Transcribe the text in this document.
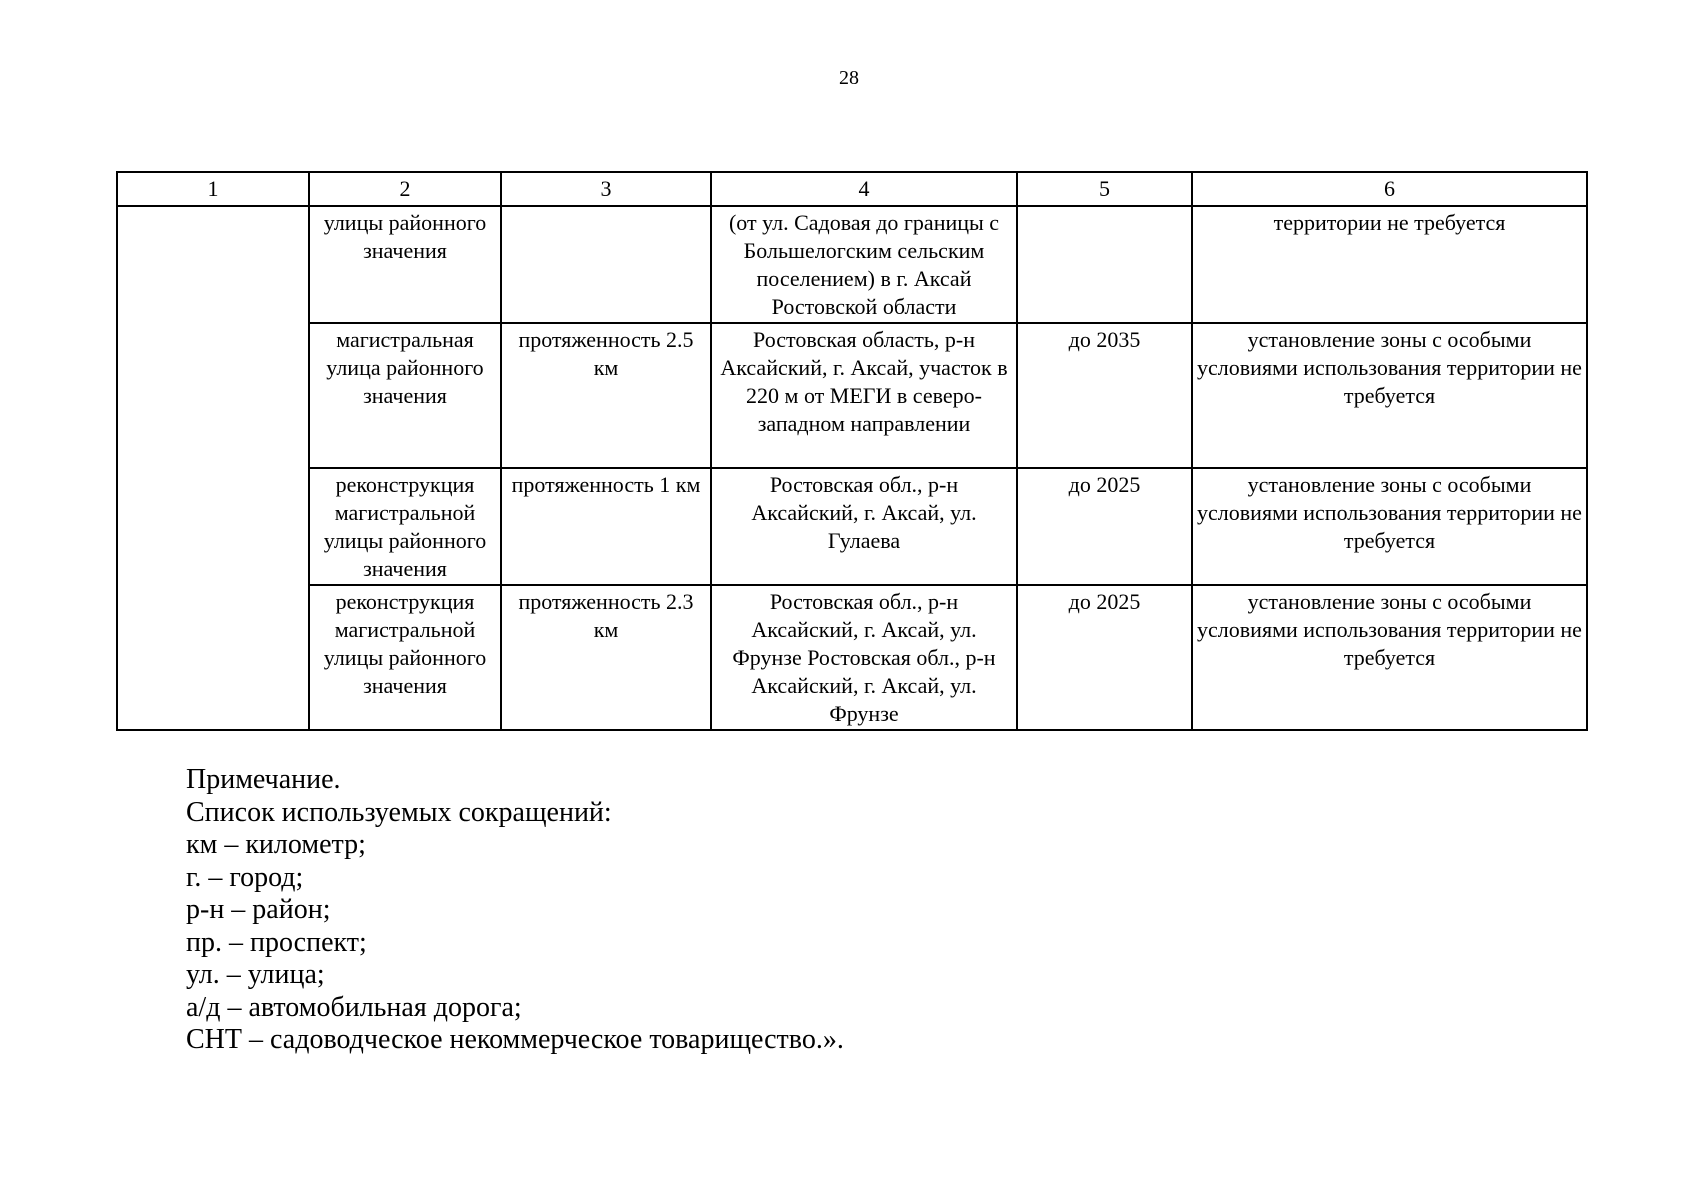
28
1	2	3	4	5	6
	улицы районного значения		(от ул. Садовая до границы с Большелогским сельским поселением) в г. Аксай Ростовской области		территории не требуется
	магистральная улица районного значения	протяженность 2.5 км	Ростовская область, р-н Аксайский, г. Аксай, участок в 220 м от МЕГИ в северо-западном направлении	до 2035	установление зоны с особыми условиями использования территории не требуется
	реконструкция магистральной улицы районного значения	протяженность 1 км	Ростовская обл., р-н Аксайский, г. Аксай, ул. Гулаева	до 2025	установление зоны с особыми условиями использования территории не требуется
	реконструкция магистральной улицы районного значения	протяженность 2.3 км	Ростовская обл., р-н Аксайский, г. Аксай, ул. Фрунзе Ростовская обл., р-н Аксайский, г. Аксай, ул. Фрунзе	до 2025	установление зоны с особыми условиями использования территории не требуется
Примечание.
Список используемых сокращений:
км – километр;
г. – город;
р-н – район;
пр. – проспект;
ул. – улица;
а/д – автомобильная дорога;
СНТ – садоводческое некоммерческое товарищество.».
